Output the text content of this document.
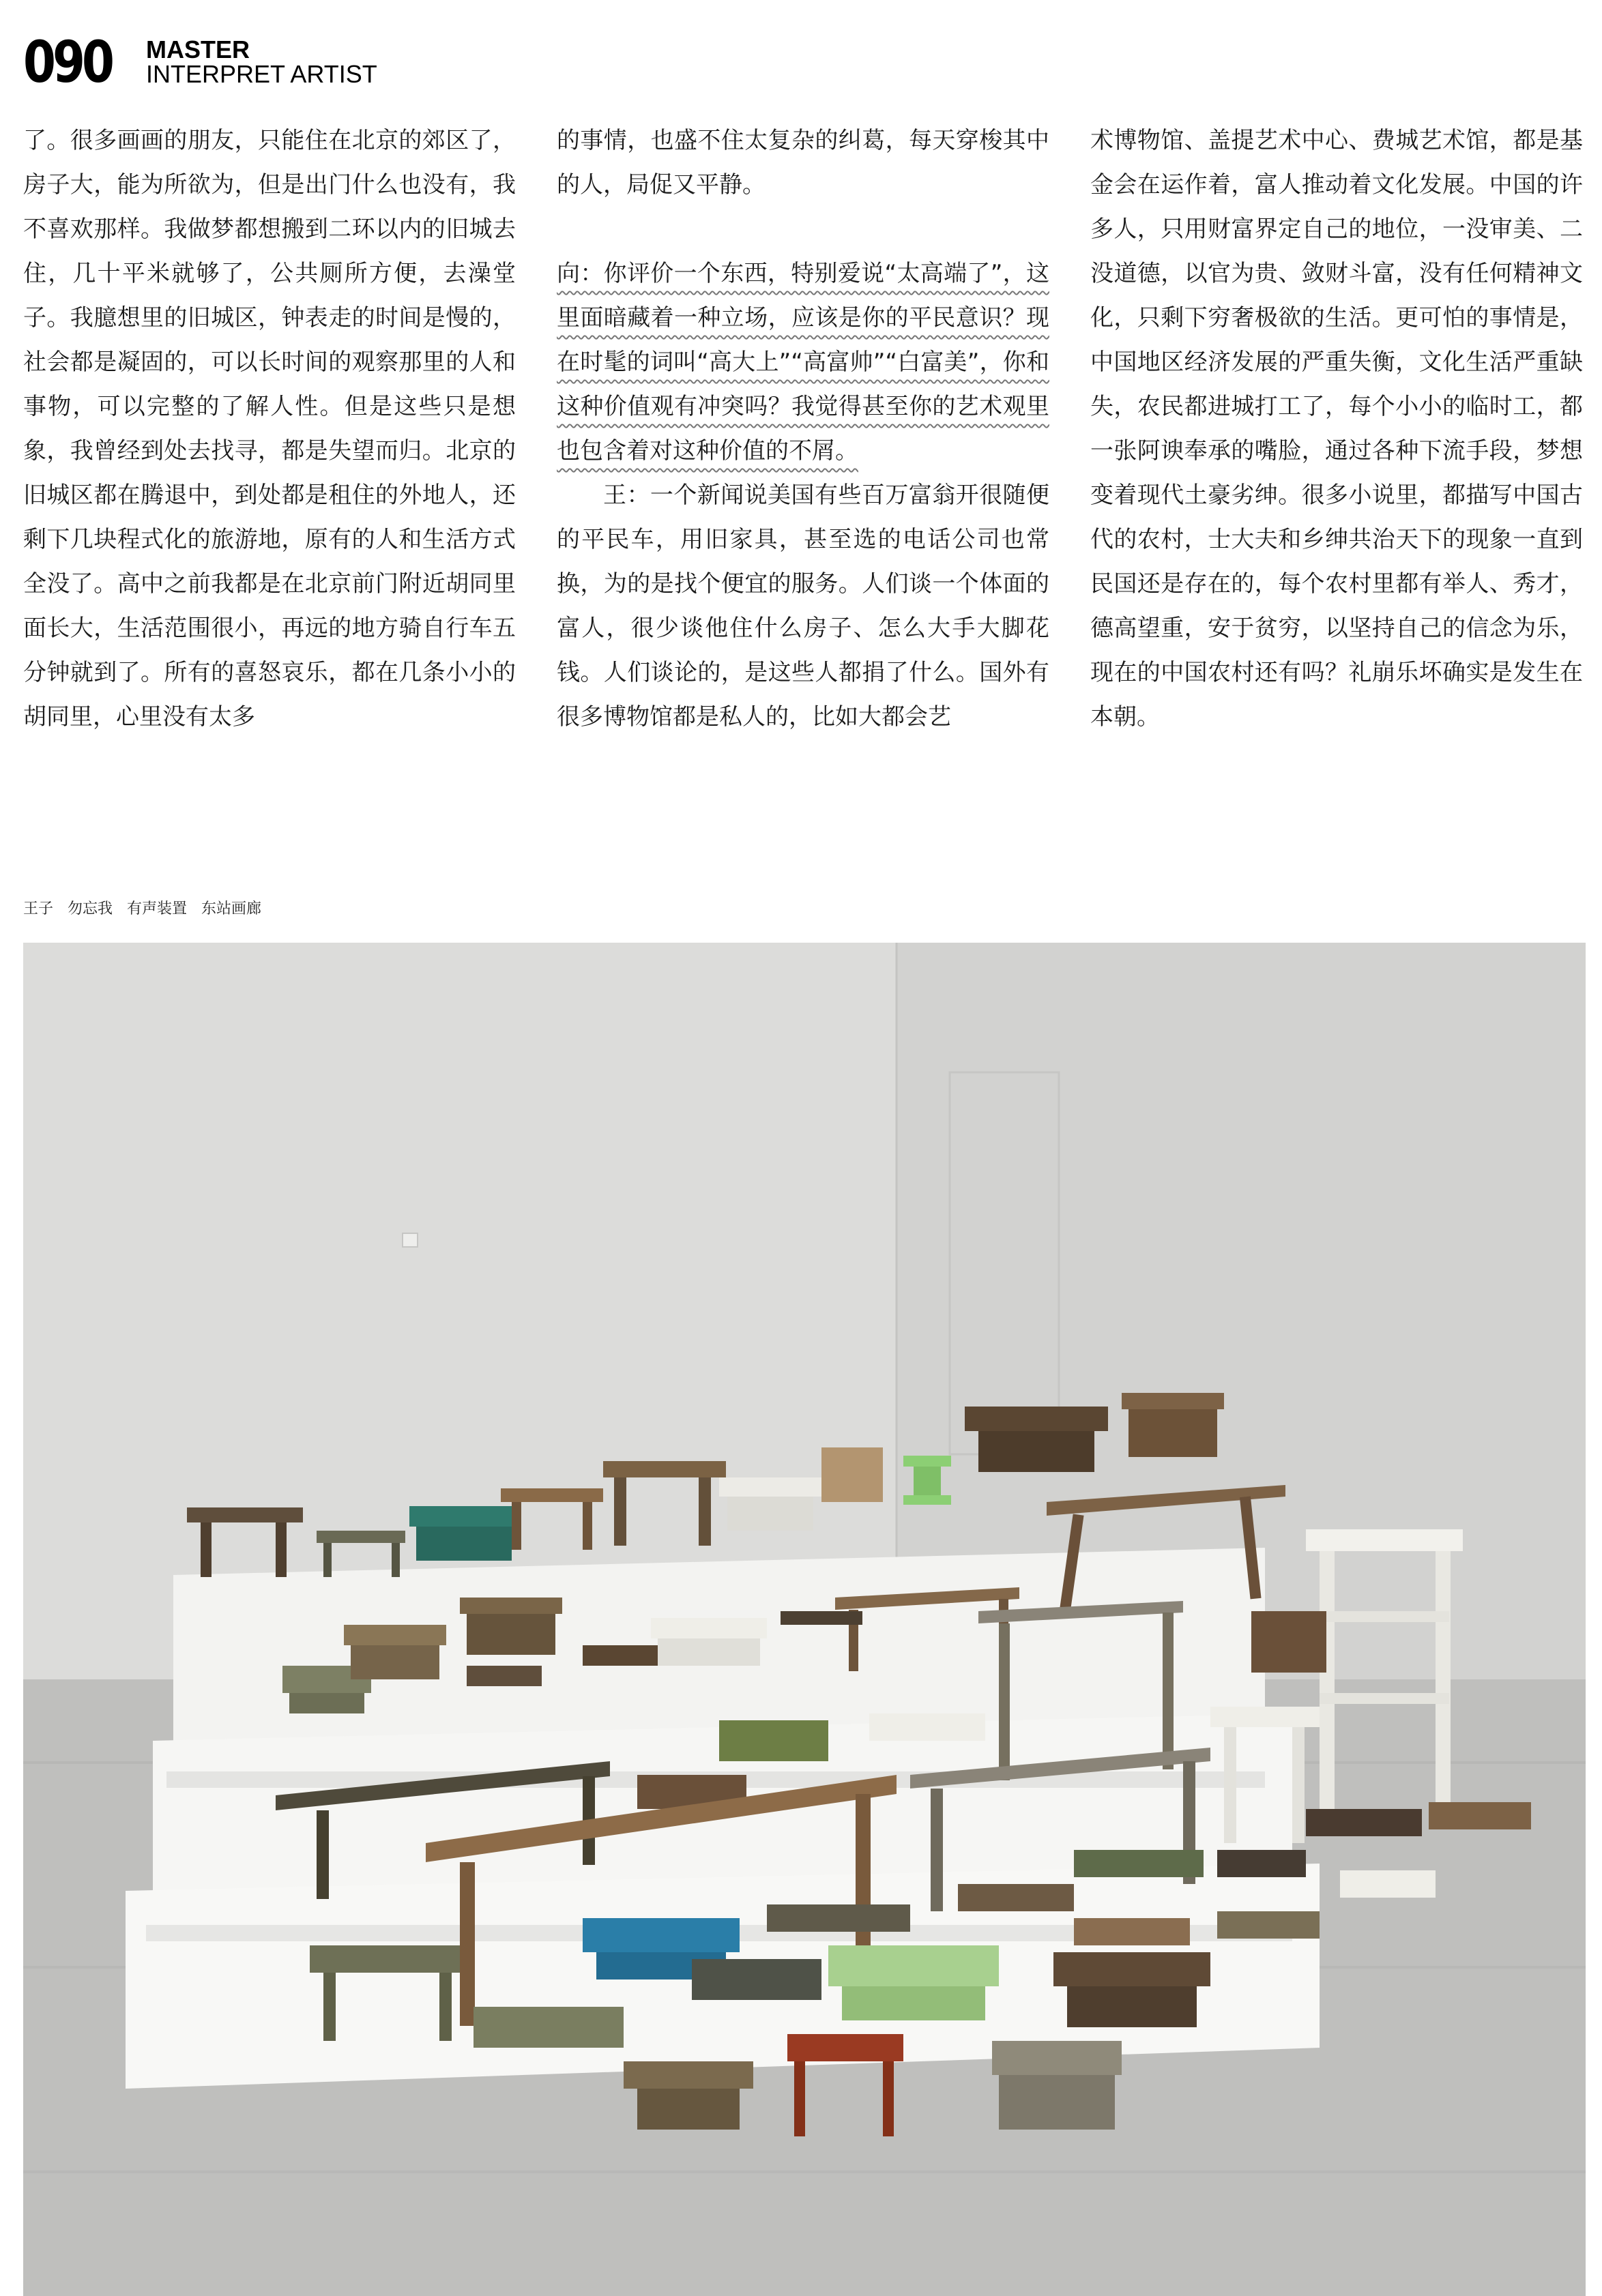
090 MASTER
INTERPRET ARTIST

了。很多画画的朋友，只能住在北京的郊区了，房子大，能为所欲为，但是出门什么也没有，我不喜欢那样。我做梦都想搬到二环以内的旧城去住，几十平米就够了，公共厕所方便，去澡堂子。我臆想里的旧城区，钟表走的时间是慢的，社会都是凝固的，可以长时间的观察那里的人和事物，可以完整的了解人性。但是这些只是想象，我曾经到处去找寻，都是失望而归。北京的旧城区都在腾退中，到处都是租住的外地人，还剩下几块程式化的旅游地，原有的人和生活方式全没了。高中之前我都是在北京前门附近胡同里面长大，生活范围很小，再远的地方骑自行车五分钟就到了。所有的喜怒哀乐，都在几条小小的胡同里，心里没有太多

的事情，也盛不住太复杂的纠葛，每天穿梭其中的人，局促又平静。

向：你评价一个东西，特别爱说“太高端了”，这里面暗藏着一种立场，应该是你的平民意识？现在时髦的词叫“高大上”“高富帅”“白富美”，你和这种价值观有冲突吗？我觉得甚至你的艺术观里也包含着对这种价值的不屑。

王：一个新闻说美国有些百万富翁开很随便的平民车，用旧家具，甚至选的电话公司也常换，为的是找个便宜的服务。人们谈一个体面的富人，很少谈他住什么房子、怎么大手大脚花钱。人们谈论的，是这些人都捐了什么。国外有很多博物馆都是私人的，比如大都会艺

术博物馆、盖提艺术中心、费城艺术馆，都是基金会在运作着，富人推动着文化发展。中国的许多人，只用财富界定自己的地位，一没审美、二没道德，以官为贵、敛财斗富，没有任何精神文化，只剩下穷奢极欲的生活。更可怕的事情是，中国地区经济发展的严重失衡，文化生活严重缺失，农民都进城打工了，每个小小的临时工，都一张阿谀奉承的嘴脸，通过各种下流手段，梦想变着现代土豪劣绅。很多小说里，都描写中国古代的农村，士大夫和乡绅共治天下的现象一直到民国还是存在的，每个农村里都有举人、秀才，德高望重，安于贫穷，以坚持自己的信念为乐，现在的中国农村还有吗？礼崩乐坏确实是发生在本朝。

王子 勿忘我 有声装置 东站画廊
